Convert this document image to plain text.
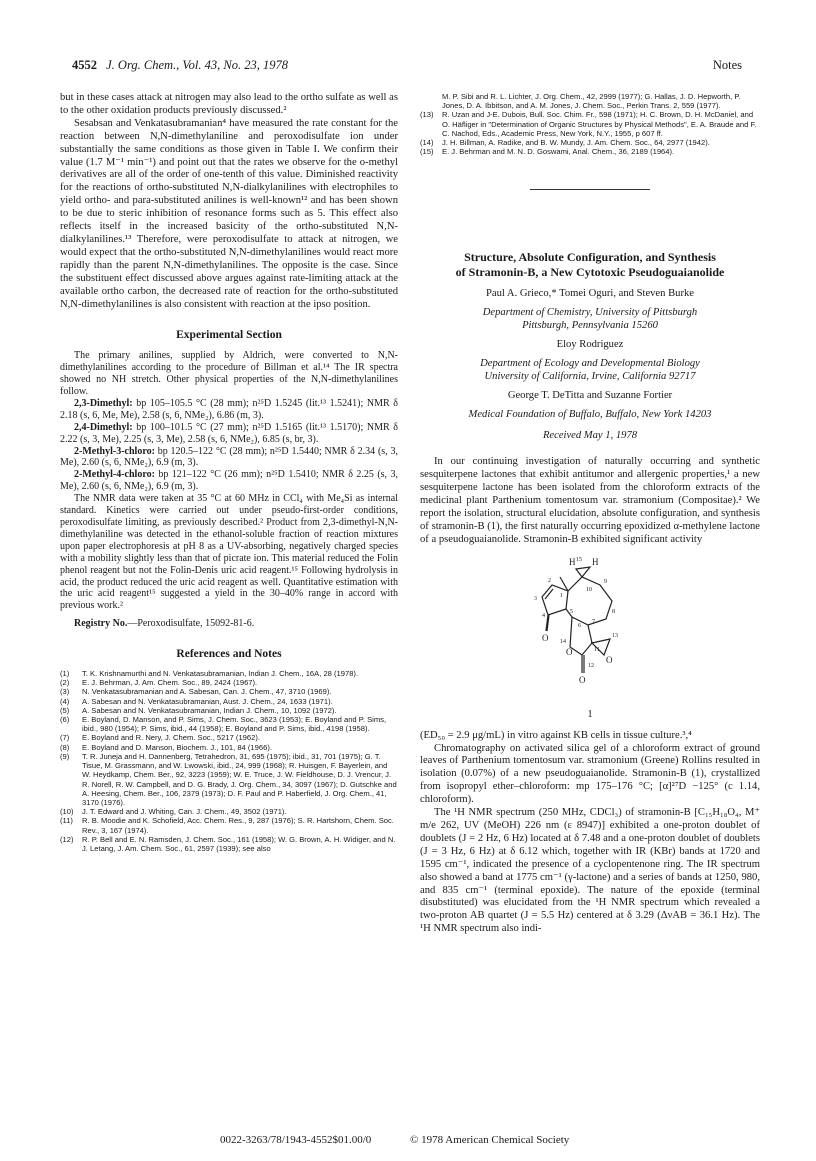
4552 J. Org. Chem., Vol. 43, No. 23, 1978	Notes

but in these cases attack at nitrogen may also lead to the ortho sulfate as well as to the other oxidation products previously discussed.²

Sesabsan and Venkatasubramanian⁴ have measured the rate constant for the reaction between N,N-dimethylaniline and peroxodisulfate ion under substantially the same conditions as those given in Table I. We confirm their value (1.7 M⁻¹ min⁻¹) and point out that the rates we observe for the o-methyl derivatives are all of the order of one-tenth of this value. Diminished reactivity for the reactions of ortho-substituted N,N-dialkylanilines with electrophiles to yield ortho- and para-substituted anilines is well-known¹² and has been shown to be due to steric inhibition of resonance forms such as 5. This effect also reflects itself in the increased basicity of the ortho-substituted N,N-dialkylanilines.¹³ Therefore, were peroxodisulfate to attack at nitrogen, we would expect that the ortho-substituted N,N-dimethylanilines would react more rapidly than the parent N,N-dimethylanilines. The opposite is the case. Since the substituent effect discussed above argues against rate-limiting attack at the available ortho carbon, the decreased rate of reaction for the ortho-substituted N,N-dimethylanilines is also consistent with reaction at the ipso position.

Experimental Section

The primary anilines, supplied by Aldrich, were converted to N,N-dimethylanilines according to the procedure of Billman et al.¹⁴ The IR spectra showed no NH stretch. Other physical properties of the N,N-dimethylanilines follow.

2,3-Dimethyl: bp 105–105.5 °C (28 mm); n²⁵D 1.5245 (lit.¹³ 1.5241); NMR δ 2.18 (s, 6, Me, Me), 2.58 (s, 6, NMe₂), 6.86 (m, 3).

2,4-Dimethyl: bp 100–101.5 °C (27 mm); n²⁵D 1.5165 (lit.¹³ 1.5170); NMR δ 2.22 (s, 3, Me), 2.25 (s, 3, Me), 2.58 (s, 6, NMe₂), 6.85 (s, br, 3).

2-Methyl-3-chloro: bp 120.5–122 °C (28 mm); n²⁵D 1.5440; NMR δ 2.34 (s, 3, Me), 2.60 (s, 6, NMe₂), 6.9 (m, 3).

2-Methyl-4-chloro: bp 121–122 °C (26 mm); n²⁵D 1.5410; NMR δ 2.25 (s, 3, Me), 2.60 (s, 6, NMe₂), 6.9 (m, 3).

The NMR data were taken at 35 °C at 60 MHz in CCl₄ with Me₄Si as internal standard. Kinetics were carried out under pseudo-first-order conditions, peroxodisulfate limiting, as previously described.² Product from 2,3-dimethyl-N,N-dimethylaniline was detected in the ethanol-soluble fraction of reaction mixtures upon paper electrophoresis at pH 8 as a UV-absorbing, negatively charged species with a mobility slightly less than that of picrate ion. This material reduced the Folin phenol reagent but not the Folin-Denis uric acid reagent.¹⁵ Following hydrolysis in acid, the product reduced the uric acid reagent as well. Quantitative estimation with the uric acid reagent¹⁵ suggested a yield in the 30–40% range in accord with previous work.²

Registry No.—Peroxodisulfate, 15092-81-6.

References and Notes
(1)	T. K. Krishnamurthi and N. Venkatasubramanian, Indian J. Chem., 16A, 28 (1978).
(2)	E. J. Behrman, J. Am. Chem. Soc., 89, 2424 (1967).
(3)	N. Venkatasubramanian and A. Sabesan, Can. J. Chem., 47, 3710 (1969).
(4)	A. Sabesan and N. Venkatasubramanian, Aust. J. Chem., 24, 1633 (1971).
(5)	A. Sabesan and N. Venkatasubramanian, Indian J. Chem., 10, 1092 (1972).
(6)	E. Boyland, D. Manson, and P. Sims, J. Chem. Soc., 3623 (1953); E. Boyland and P. Sims, ibid., 980 (1954); P. Sims, ibid., 44 (1958); E. Boyland and P. Sims, ibid., 4198 (1958).
(7)	E. Boyland and R. Nery, J. Chem. Soc., 5217 (1962).
(8)	E. Boyland and D. Manson, Biochem. J., 101, 84 (1966).
(9)	T. R. Juneja and H. Dannenberg, Tetrahedron, 31, 695 (1975); ibid., 31, 701 (1975); G. T. Tisue, M. Grassmann, and W. Lwowski, ibid., 24, 999 (1968); R. Huisgen, F. Bayerlein, and W. Heydkamp, Chem. Ber., 92, 3223 (1959); W. E. Truce, J. W. Fieldhouse, D. J. Vrencur, J. R. Norell, R. W. Campbell, and D. G. Brady, J. Org. Chem., 34, 3097 (1967); D. Gutschke and A. Heesing, Chem. Ber., 106, 2379 (1973); D. F. Paul and P. Haberfield, J. Org. Chem., 41, 3170 (1976).
(10)	J. T. Edward and J. Whiting, Can. J. Chem., 49, 3502 (1971).
(11)	R. B. Moodie and K. Schofield, Acc. Chem. Res., 9, 287 (1976); S. R. Hartshorn, Chem. Soc. Rev., 3, 167 (1974).
(12)	R. P. Bell and E. N. Ramsden, J. Chem. Soc., 161 (1958); W. G. Brown, A. H. Widiger, and N. J. Letang, J. Am. Chem. Soc., 61, 2597 (1939); see also
M. P. Sibi and R. L. Lichter, J. Org. Chem., 42, 2999 (1977); G. Hallas, J. D. Hepworth, P. Jones, D. A. Ibbitson, and A. M. Jones, J. Chem. Soc., Perkin Trans. 2, 559 (1977).
(13)	R. Uzan and J-E. Dubois, Bull. Soc. Chim. Fr., 598 (1971); H. C. Brown, D. H. McDaniel, and O. Häfliger in "Determination of Organic Structures by Physical Methods", E. A. Braude and F. C. Nachod, Eds., Academic Press, New York, N.Y., 1955, p 607 ff.
(14)	J. H. Billman, A. Radike, and B. W. Mundy, J. Am. Chem. Soc., 64, 2977 (1942).
(15)	E. J. Behrman and M. N. D. Goswami, Anal. Chem., 36, 2189 (1964).
Structure, Absolute Configuration, and Synthesis
of Stramonin-B, a New Cytotoxic Pseudoguaianolide
Paul A. Grieco,* Tomei Oguri, and Steven Burke
Department of Chemistry, University of Pittsburgh
Pittsburgh, Pennsylvania 15260
Eloy Rodriguez
Department of Ecology and Developmental Biology
University of California, Irvine, California 92717
George T. DeTitta and Suzanne Fortier
Medical Foundation of Buffalo, Buffalo, New York 14203
Received May 1, 1978

In our continuing investigation of naturally occurring and synthetic sesquiterpene lactones that exhibit antitumor and allergenic properties,¹ a new sesquiterpene lactone has been isolated from the chloroform extracts of the medicinal plant Parthenium tomentosum var. stramonium (Compositae).² We report the isolation, structural elucidation, absolute configuration, and synthesis of stramonin-B (1), the first naturally occurring epoxidized α-methylene lactone of a pseudoguaianolide. Stramonin-B exhibited significant activity

H 15 H
1
2
3
4
5
6
7
8
9
10
11
12
13
14
O
O
O
O
1

(ED₅₀ = 2.9 μg/mL) in vitro against KB cells in tissue culture.³,⁴

Chromatography on activated silica gel of a chloroform extract of ground leaves of Parthenium tomentosum var. stramonium (Greene) Rollins resulted in isolation (0.07%) of a new pseudoguaianolide. Stramonin-B (1), crystallized from isopropyl ether–chloroform: mp 175–176 °C; [α]²⁷D −125° (c 1.14, chloroform).

The ¹H NMR spectrum (250 MHz, CDCl₃) of stramonin-B [C₁₅H₁₈O₄, M⁺ m/e 262, UV (MeOH) 226 nm (ε 8947)] exhibited a one-proton doublet of doublets (J = 2 Hz, 6 Hz) located at δ 7.48 and a one-proton doublet of doublets (J = 3 Hz, 6 Hz) at δ 6.12 which, together with IR (KBr) bands at 1720 and 1595 cm⁻¹, indicated the presence of a cyclopentenone ring. The IR spectrum also showed a band at 1775 cm⁻¹ (γ-lactone) and a series of bands at 1250, 980, and 835 cm⁻¹ (terminal epoxide). The nature of the epoxide (terminal disubstituted) was elucidated from the ¹H NMR spectrum which revealed a two-proton AB quartet (J = 5.5 Hz) centered at δ 3.29 (ΔνAB = 36.1 Hz). The ¹H NMR spectrum also indi-

0022-3263/78/1943-4552$01.00/0	© 1978 American Chemical Society
